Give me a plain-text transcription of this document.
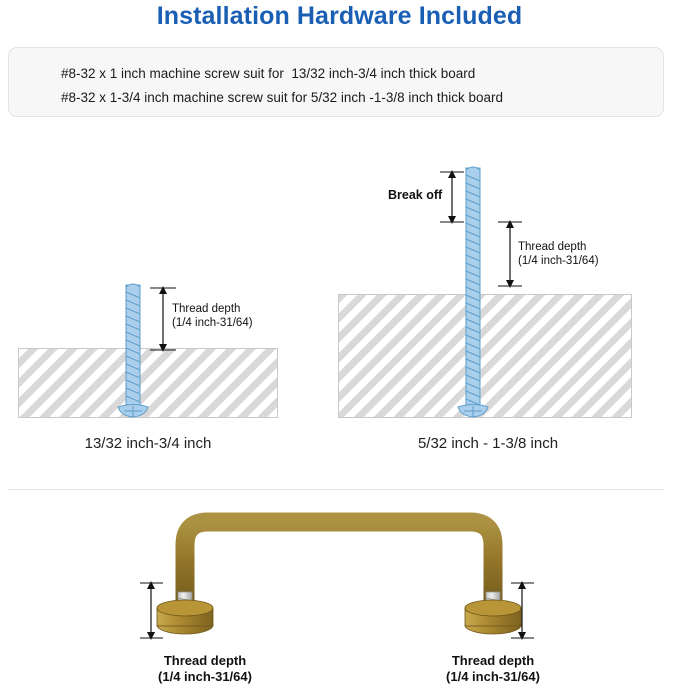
Installation Hardware Included
#8-32 x 1 inch machine screw suit for  13/32 inch-3/4 inch thick board
#8-32 x 1-3/4 inch machine screw suit for 5/32 inch -1-3/8 inch thick board
Thread depth
(1/4 inch-31/64)
13/32 inch-3/4 inch
Break off
Thread depth
(1/4 inch-31/64)
5/32 inch - 1-3/8 inch
Thread depth
(1/4 inch-31/64)
Thread depth
(1/4 inch-31/64)
